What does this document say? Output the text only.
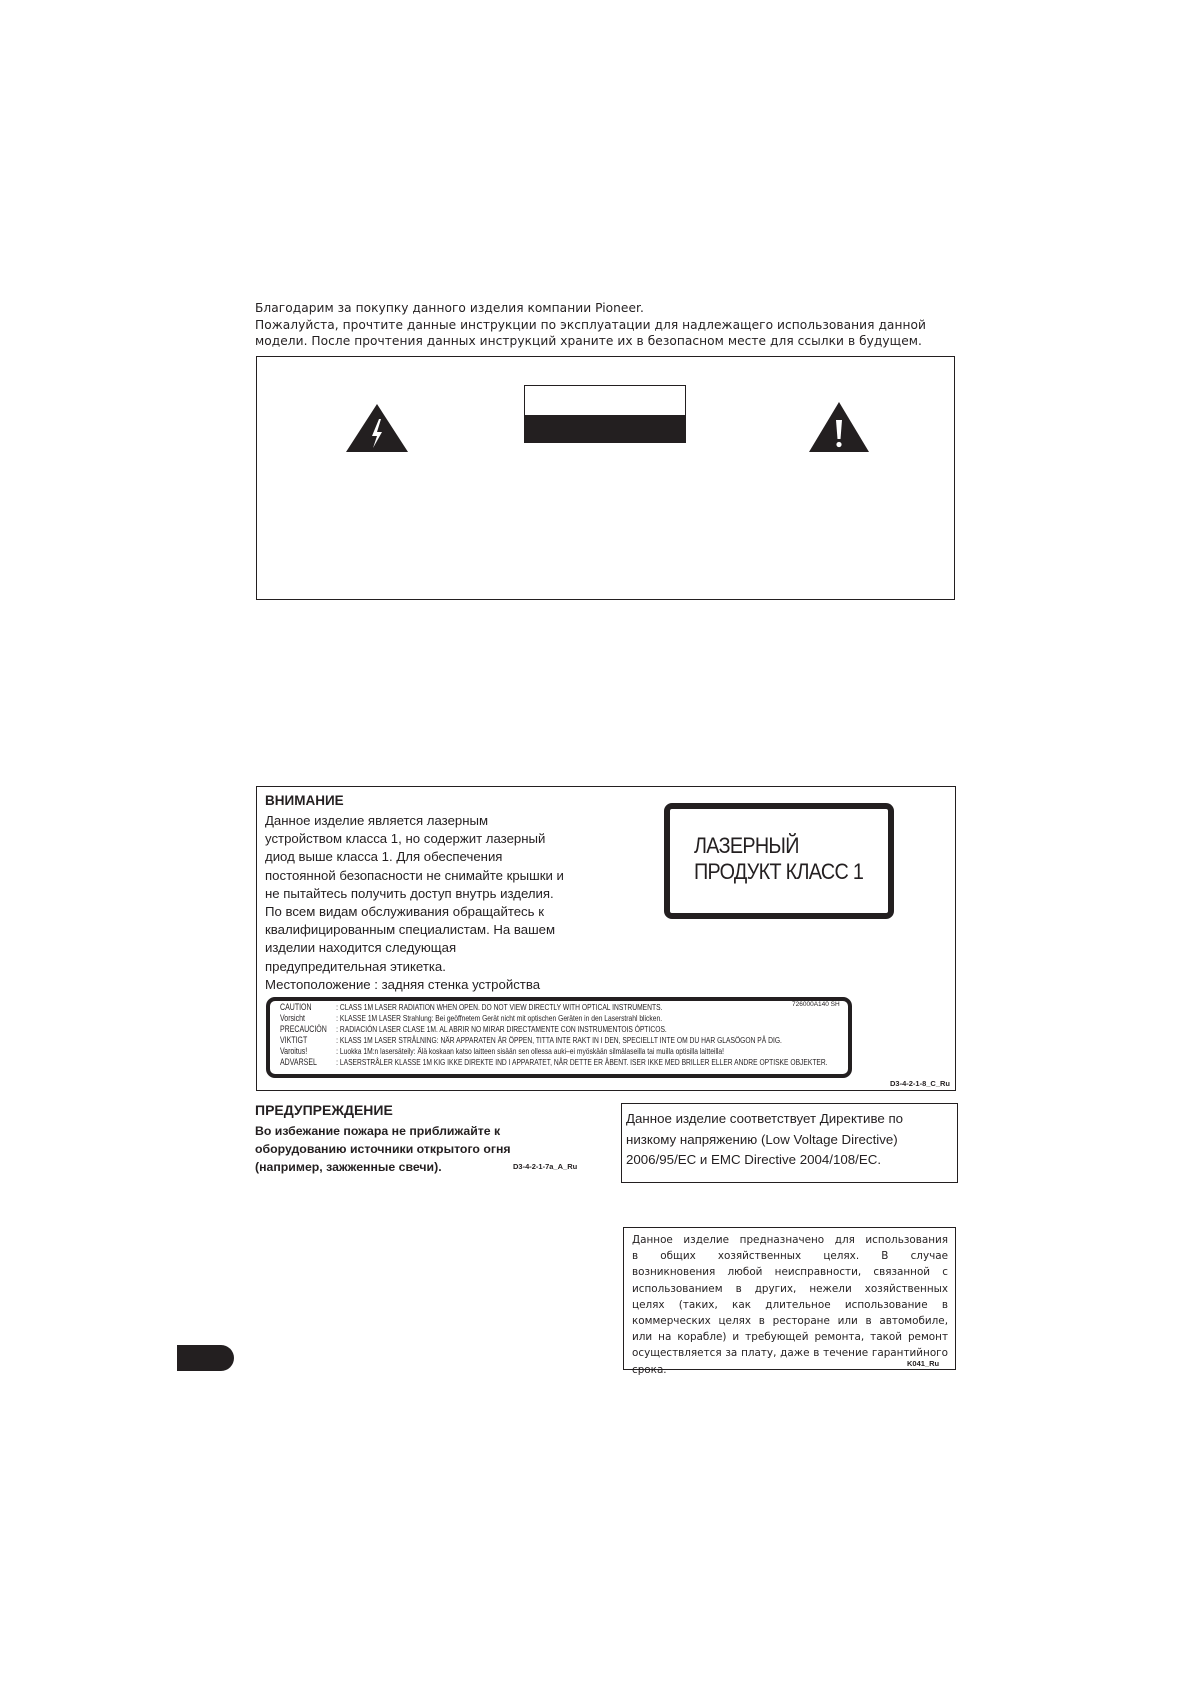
Благодарим за покупку данного изделия компании Pioneer.
Пожалуйста, прочтите данные инструкции по эксплуатации для надлежащего использования данной
модели. После прочтения данных инструкций храните их в безопасном месте для ссылки в будущем.
ВНИМАНИЕ
Данное изделие является лазерным
устройством класса 1, но содержит лазерный
диод выше класса 1. Для обеспечения
постоянной безопасности не снимайте крышки и
не пытайтесь получить доступ внутрь изделия.
По всем видам обслуживания обращайтесь к
квалифицированным специалистам. На вашем
изделии находится следующая
предупредительная этикетка.
Местоположение : задняя стенка устройства
ЛАЗЕРНЫЙ
ПРОДУКТ КЛАСС 1
726000A140 SH
CAUTION	: CLASS 1M LASER RADIATION WHEN OPEN. DO NOT VIEW DIRECTLY WITH OPTICAL INSTRUMENTS.
Vorsicht	: KLASSE 1M LASER Strahlung: Bei geöffnetem Gerät nicht mit optischen Geräten in den Laserstrahl blicken.
PRECAUCIÓN : RADIACIÓN LASER CLASE 1M. AL ABRIR NO MIRAR DIRECTAMENTE CON INSTRUMENTOIS ÓPTICOS.
VIKTIGT	: KLASS 1M LASER STRÅLNING: NÄR APPARATEN ÄR ÖPPEN, TITTA INTE RAKT IN I DEN, SPECIELLT INTE OM DU HAR GLASÖGON PÅ DIG.
Varoitus!	: Luokka 1M:n lasersäteily: Älä koskaan katso laitteen sisään sen ollessa auki–ei myöskään silmälaseilla tai muilla optisilla laitteilla!
ADVARSEL : LASERSTRÅLER KLASSE 1M KIG IKKE DIREKTE IND I APPARATET, NÅR DETTE ER ÅBENT. ISER IKKE MED BRILLER ELLER ANDRE OPTISKE OBJEKTER.
D3-4-2-1-8_C_Ru
ПРЕДУПРЕЖДЕНИЕ
Во избежание пожара не приближайте к
оборудованию источники открытого огня
(например, зажженные свечи).	D3-4-2-1-7a_A_Ru
Данное изделие соответствует Директиве по
низкому напряжению (Low Voltage Directive)
2006/95/EC и EMC Directive 2004/108/EC.
Данное изделие предназначено для использования
в общих хозяйственных целях. В случае
возникновения любой неисправности, связанной с
использованием в других, нежели хозяйственных
целях (таких, как длительное использование в
коммерческих целях в ресторане или в автомобиле,
или на корабле) и требующей ремонта, такой ремонт
осуществляется за плату, даже в течение гарантийного
срока.
K041_Ru
